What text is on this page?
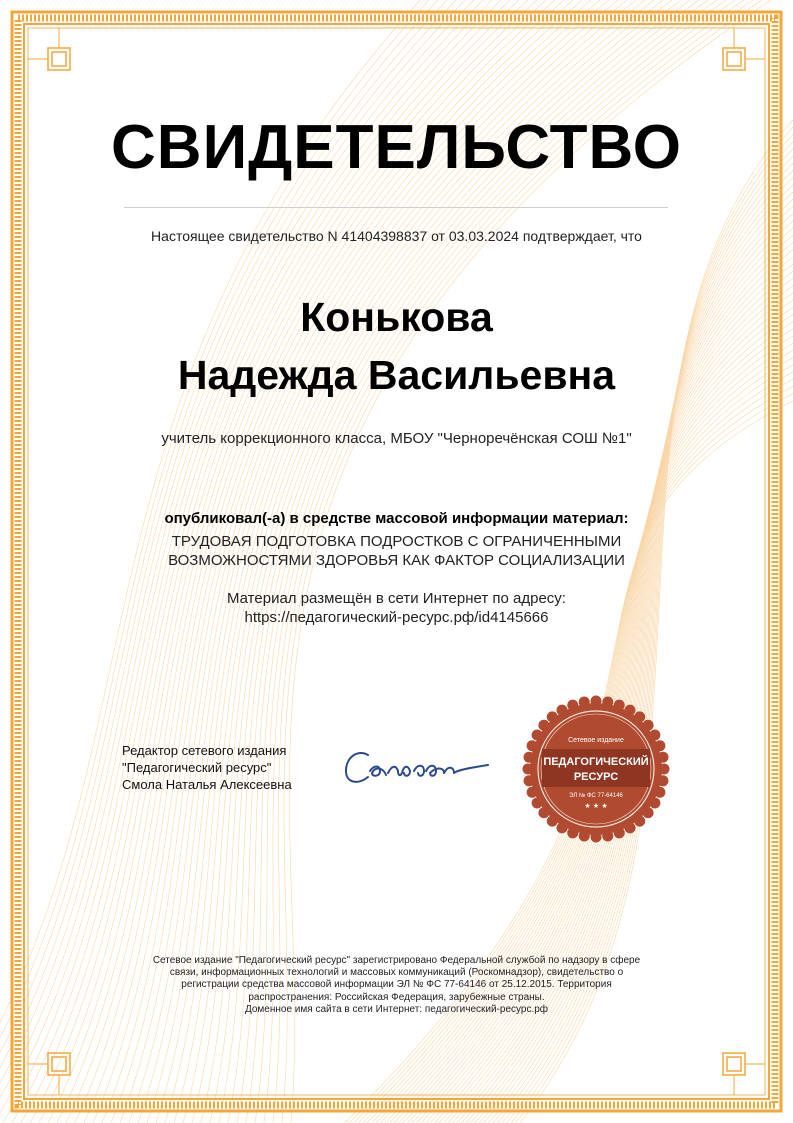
СВИДЕТЕЛЬСТВО
Настоящее свидетельство N 41404398837 от 03.03.2024 подтверждает, что
Конькова
Надежда Васильевна
учитель коррекционного класса, МБОУ "Черноречёнская СОШ №1"
опубликовал(-а) в средстве массовой информации материал:
ТРУДОВАЯ ПОДГОТОВКА ПОДРОСТКОВ С ОГРАНИЧЕННЫМИ
ВОЗМОЖНОСТЯМИ ЗДОРОВЬЯ КАК ФАКТОР СОЦИАЛИЗАЦИИ
Материал размещён в сети Интернет по адресу:
https://педагогический-ресурс.рф/id4145666
Редактор сетевого издания
"Педагогический ресурс"
Смола Наталья Алексеевна
Сетевое издание
ПЕДАГОГИЧЕСКИЙ
РЕСУРС
ЭЛ № ФС 77-64146
★ ★ ★
Сетевое издание "Педагогический ресурс" зарегистрировано Федеральной службой по надзору в сфере
связи, информационных технологий и массовых коммуникаций (Роскомнадзор), свидетельство о
регистрации средства массовой информации ЭЛ № ФС 77-64146 от 25.12.2015. Территория
распространения: Российская Федерация, зарубежные страны.
Доменное имя сайта в сети Интернет: педагогический-ресурс.рф
